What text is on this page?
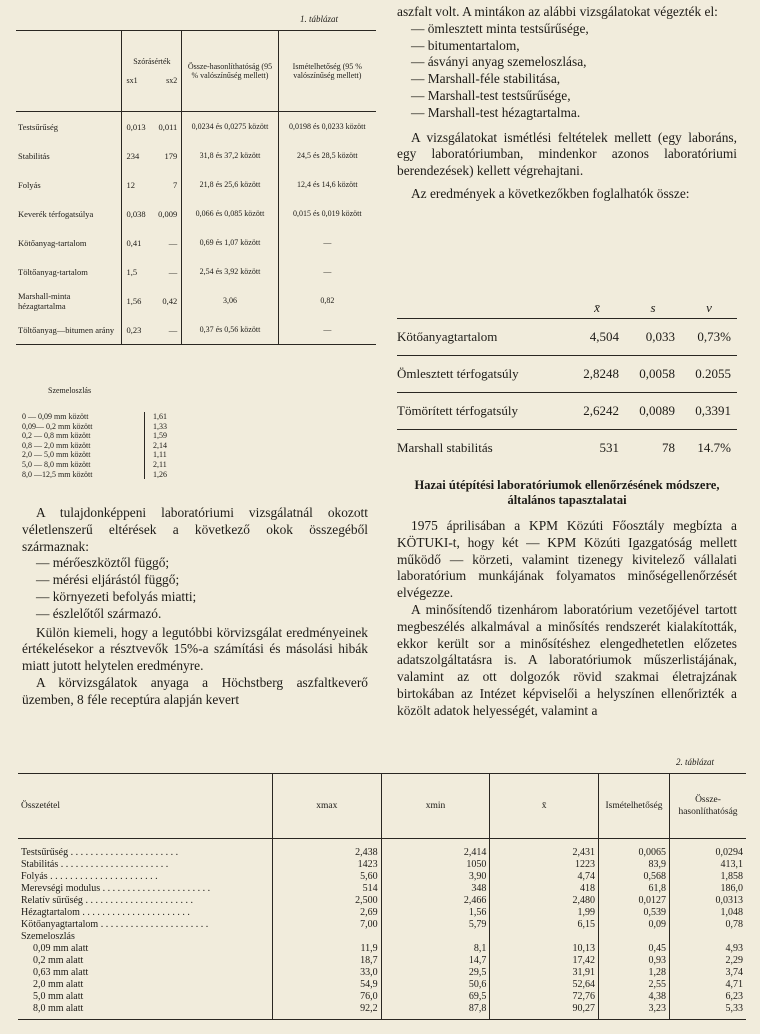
1. táblázat

	Szórásérték
sx1 sx2	Össze-hasonlíthatóság (95 % valószínűség mellett)	Ismételhetőség (95 % valószínűség mellett)
Testsűrűség	0,013 0,011	0,0234 és 0,0275 között	0,0198 és 0,0233 között
Stabilitás	234 179	31,8 és 37,2 között	24,5 és 28,5 között
Folyás	12 7	21,8 és 25,6 között	12,4 és 14,6 között
Keverék térfogatsúlya	0,038 0,009	0,066 és 0,085 között	0,015 és 0,019 között
Kötőanyag-tartalom	0,41 —	0,69 és 1,07 között	—
Töltőanyag-tartalom	1,5 —	2,54 és 3,92 között	—
Marshall-minta hézagtartalma	1,56 0,42	3,06	0,82
Töltőanyag—bitumen arány	0,23 —	0,37 és 0,56 között	—
Szemeloszlás
0 — 0,09 mm között	1,61
0,09— 0,2 mm között	1,33
0,2 — 0,8 mm között	1,59
0,8 — 2,0 mm között	2,14
2,0 — 5,0 mm között	1,11
5,0 — 8,0 mm között	2,11
8,0 —12,5 mm között	1,26

A tulajdonképpeni laboratóriumi vizsgálatnál okozott véletlenszerű eltérések a következő okok összegéből származnak:

— mérőeszköztől függő;

— mérési eljárástól függő;

— környezeti befolyás miatti;

— észlelőtől származó.

Külön kiemeli, hogy a legutóbbi körvizsgálat eredményeinek értékelésekor a résztvevők 15%-a számítási és másolási hibák miatt jutott helytelen eredményre.

A körvizsgálatok anyaga a Höchstberg aszfaltkeverő üzemben, 8 féle receptúra alapján kevert

aszfalt volt. A mintákon az alábbi vizsgálatokat végezték el:

— ömlesztett minta testsűrűsége,

— bitumentartalom,

— ásványi anyag szemeloszlása,

— Marshall-féle stabilitása,

— Marshall-test testsűrűsége,

— Marshall-test hézagtartalma.

A vizsgálatokat ismétlési feltételek mellett (egy laboráns, egy laboratóriumban, mindenkor azonos laboratóriumi berendezések) kellett végrehajtani.

Az eredmények a következőkben foglalhatók össze:

	x̄	s	v
Kötőanyagtartalom	4,504	0,033	0,73%
Ömlesztett térfogatsúly	2,8248	0,0058	0.2055
Tömörített térfogatsúly	2,6242	0,0089	0,3391
Marshall stabilitás	531	78	14.7%
Hazai útépítési laboratóriumok ellenőrzésének módszere, általános tapasztalatai

1975 áprilisában a KPM Közúti Főosztály megbízta a KÖTUKI-t, hogy két — KPM Közúti Igazgatóság mellett működő — körzeti, valamint tizenegy kivitelező vállalati laboratórium munkájának folyamatos minőségellenőrzését elvégezze.

A minősítendő tizenhárom laboratórium vezetőjével tartott megbeszélés alkalmával a minősítés rendszerét kialakították, ekkor került sor a minősítéshez elengedhetetlen előzetes adatszolgáltatásra is. A laboratóriumok műszerlistájának, valamint az ott dolgozók rövid szakmai életrajzának birtokában az Intézet képviselői a helyszínen ellenőrizték a közölt adatok helyességét, valamint a

2. táblázat
Összetétel	xmax	xmin	x̄	Ismételhetőség	Össze-hasonlíthatóság
Testsűrűség . . . . . . . . . . . . . . . . . . . . . .	2,438	2,414	2,431	0,0065	0,0294
Stabilitás . . . . . . . . . . . . . . . . . . . . . .	1423	1050	1223	83,9	413,1
Folyás . . . . . . . . . . . . . . . . . . . . . .	5,60	3,90	4,74	0,568	1,858
Merevségi modulus . . . . . . . . . . . . . . . . . . . . . .	514	348	418	61,8	186,0
Relatív sűrűség . . . . . . . . . . . . . . . . . . . . . .	2,500	2,466	2,480	0,0127	0,0313
Hézagtartalom . . . . . . . . . . . . . . . . . . . . . .	2,69	1,56	1,99	0,539	1,048
Kötőanyagtartalom . . . . . . . . . . . . . . . . . . . . . .	7,00	5,79	6,15	0,09	0,78
Szemeloszlás					
0,09 mm alatt	11,9	8,1	10,13	0,45	4,93
0,2 mm alatt	18,7	14,7	17,42	0,93	2,29
0,63 mm alatt	33,0	29,5	31,91	1,28	3,74
2,0 mm alatt	54,9	50,6	52,64	2,55	4,71
5,0 mm alatt	76,0	69,5	72,76	4,38	6,23
8,0 mm alatt	92,2	87,8	90,27	3,23	5,33
